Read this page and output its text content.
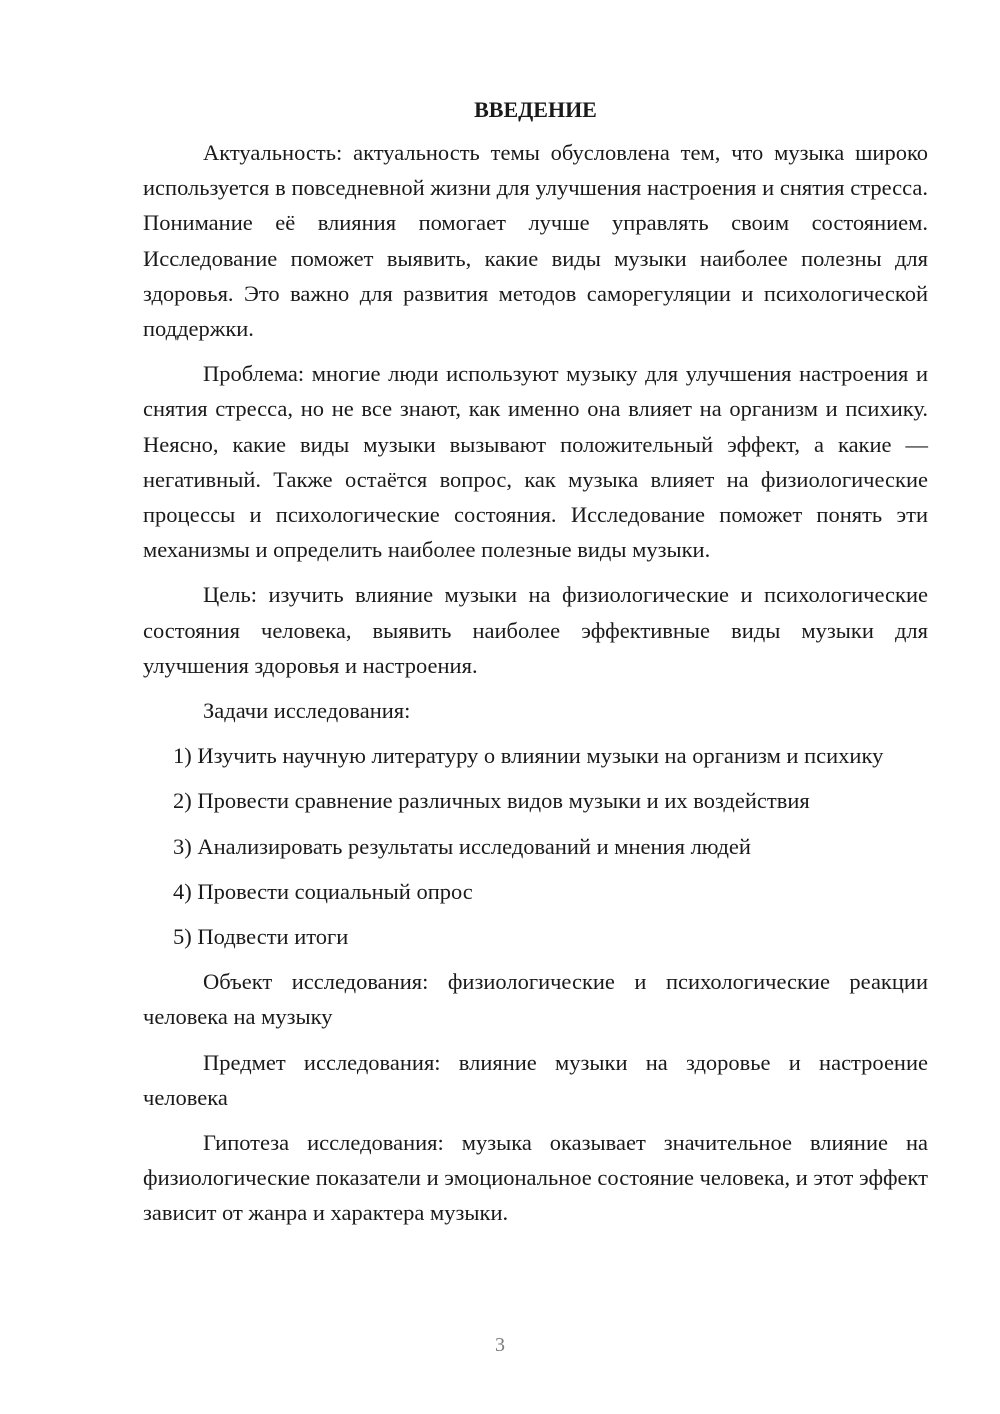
ВВЕДЕНИЕ

Актуальность: актуальность темы обусловлена тем, что музыка широко используется в повседневной жизни для улучшения настроения и снятия стресса. Понимание её влияния помогает лучше управлять своим состоянием. Исследование поможет выявить, какие виды музыки наиболее полезны для здоровья. Это важно для развития методов саморегуляции и психологической поддержки.

Проблема: многие люди используют музыку для улучшения настроения и снятия стресса, но не все знают, как именно она влияет на организм и психику. Неясно, какие виды музыки вызывают положительный эффект, а какие — негативный. Также остаётся вопрос, как музыка влияет на физиологические процессы и психологические состояния. Исследование поможет понять эти механизмы и определить наиболее полезные виды музыки.

Цель: изучить влияние музыки на физиологические и психологические состояния человека, выявить наиболее эффективные виды музыки для улучшения здоровья и настроения.

Задачи исследования:

1) Изучить научную литературу о влиянии музыки на организм и психику

2) Провести сравнение различных видов музыки и их воздействия

3) Анализировать результаты исследований и мнения людей

4) Провести социальный опрос

5) Подвести итоги

Объект исследования: физиологические и психологические реакции человека на музыку

Предмет исследования: влияние музыки на здоровье и настроение человека

Гипотеза исследования: музыка оказывает значительное влияние на физиологические показатели и эмоциональное состояние человека, и этот эффект зависит от жанра и характера музыки.

3
